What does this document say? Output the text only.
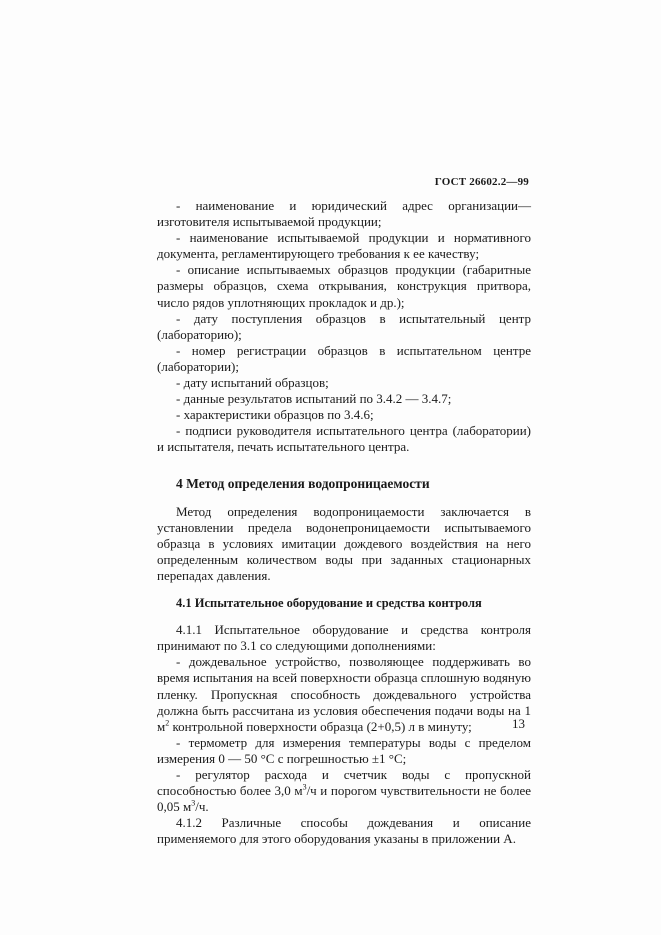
ГОСТ 26602.2—99

- наименование и юридический адрес организации—изготовителя испытываемой продукции;

- наименование испытываемой продукции и нормативного документа, регламентирующего требования к ее качеству;

- описание испытываемых образцов продукции (габаритные размеры образцов, схема открывания, конструкция притвора, число рядов уплотняющих прокладок и др.);

- дату поступления образцов в испытательный центр (лабораторию);

- номер регистрации образцов в испытательном центре (лаборатории);

- дату испытаний образцов;

- данные результатов испытаний по 3.4.2 — 3.4.7;

- характеристики образцов по 3.4.6;

- подписи руководителя испытательного центра (лаборатории) и испытателя, печать испытательного центра.

4 Метод определения водопроницаемости

Метод определения водопроницаемости заключается в установлении предела водонепроницаемости испытываемого образца в условиях имитации дождевого воздействия на него определенным количеством воды при заданных стационарных перепадах давления.

4.1 Испытательное оборудование и средства контроля

4.1.1 Испытательное оборудование и средства контроля принимают по 3.1 со следующими дополнениями:

- дождевальное устройство, позволяющее поддерживать во время испытания на всей поверхности образца сплошную водяную пленку. Пропускная способность дождевального устройства должна быть рассчитана из условия обеспечения подачи воды на 1 $м^2$ контрольной поверхности образца (2+0,5) л в минуту;

- термометр для измерения температуры воды с пределом измерения 0 — 50 °С с погрешностью ±1 °С;

- регулятор расхода и счетчик воды с пропускной способностью более 3,0 $м^3/ч$ и порогом чувствительности не более 0,05 $м^3/ч$.

4.1.2 Различные способы дождевания и описание применяемого для этого оборудования указаны в приложении А.

13
